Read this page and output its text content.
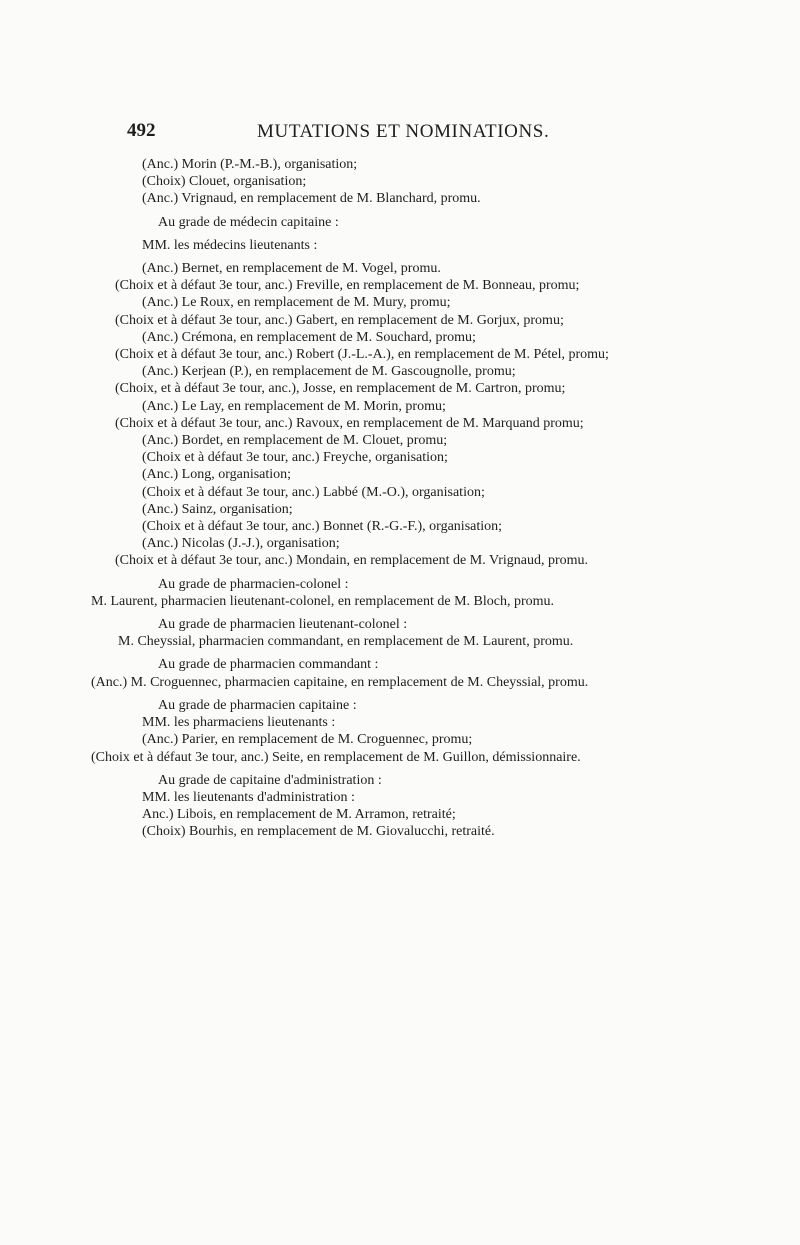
492	MUTATIONS ET NOMINATIONS.
(Anc.) Morin (P.-M.-B.), organisation;
(Choix) Clouet, organisation;
(Anc.) Vrignaud, en remplacement de M. Blanchard, promu.
Au grade de médecin capitaine :
MM. les médecins lieutenants :
(Anc.) Bernet, en remplacement de M. Vogel, promu.
(Choix et à défaut 3e tour, anc.) Freville, en remplacement de M. Bonneau, promu;
(Anc.) Le Roux, en remplacement de M. Mury, promu;
(Choix et à défaut 3e tour, anc.) Gabert, en remplacement de M. Gorjux, promu;
(Anc.) Crémona, en remplacement de M. Souchard, promu;
(Choix et à défaut 3e tour, anc.) Robert (J.-L.-A.), en remplacement de M. Pétel, promu;
(Anc.) Kerjean (P.), en remplacement de M. Gascougnolle, promu;
(Choix, et à défaut 3e tour, anc.), Josse, en remplacement de M. Cartron, promu;
(Anc.) Le Lay, en remplacement de M. Morin, promu;
(Choix et à défaut 3e tour, anc.) Ravoux, en remplacement de M. Marquand promu;
(Anc.) Bordet, en remplacement de M. Clouet, promu;
(Choix et à défaut 3e tour, anc.) Freyche, organisation;
(Anc.) Long, organisation;
(Choix et à défaut 3e tour, anc.) Labbé (M.-O.), organisation;
(Anc.) Sainz, organisation;
(Choix et à défaut 3e tour, anc.) Bonnet (R.-G.-F.), organisation;
(Anc.) Nicolas (J.-J.), organisation;
(Choix et à défaut 3e tour, anc.) Mondain, en remplacement de M. Vrignaud, promu.
Au grade de pharmacien-colonel :
M. Laurent, pharmacien lieutenant-colonel, en remplacement de M. Bloch, promu.
Au grade de pharmacien lieutenant-colonel :
M. Cheyssial, pharmacien commandant, en remplacement de M. Laurent, promu.
Au grade de pharmacien commandant :
(Anc.) M. Croguennec, pharmacien capitaine, en remplacement de M. Cheyssial, promu.
Au grade de pharmacien capitaine :
MM. les pharmaciens lieutenants :
(Anc.) Parier, en remplacement de M. Croguennec, promu;
(Choix et à défaut 3e tour, anc.) Seite, en remplacement de M. Guillon, démissionnaire.
Au grade de capitaine d'administration :
MM. les lieutenants d'administration :
Anc.) Libois, en remplacement de M. Arramon, retraité;
(Choix) Bourhis, en remplacement de M. Giovalucchi, retraité.
